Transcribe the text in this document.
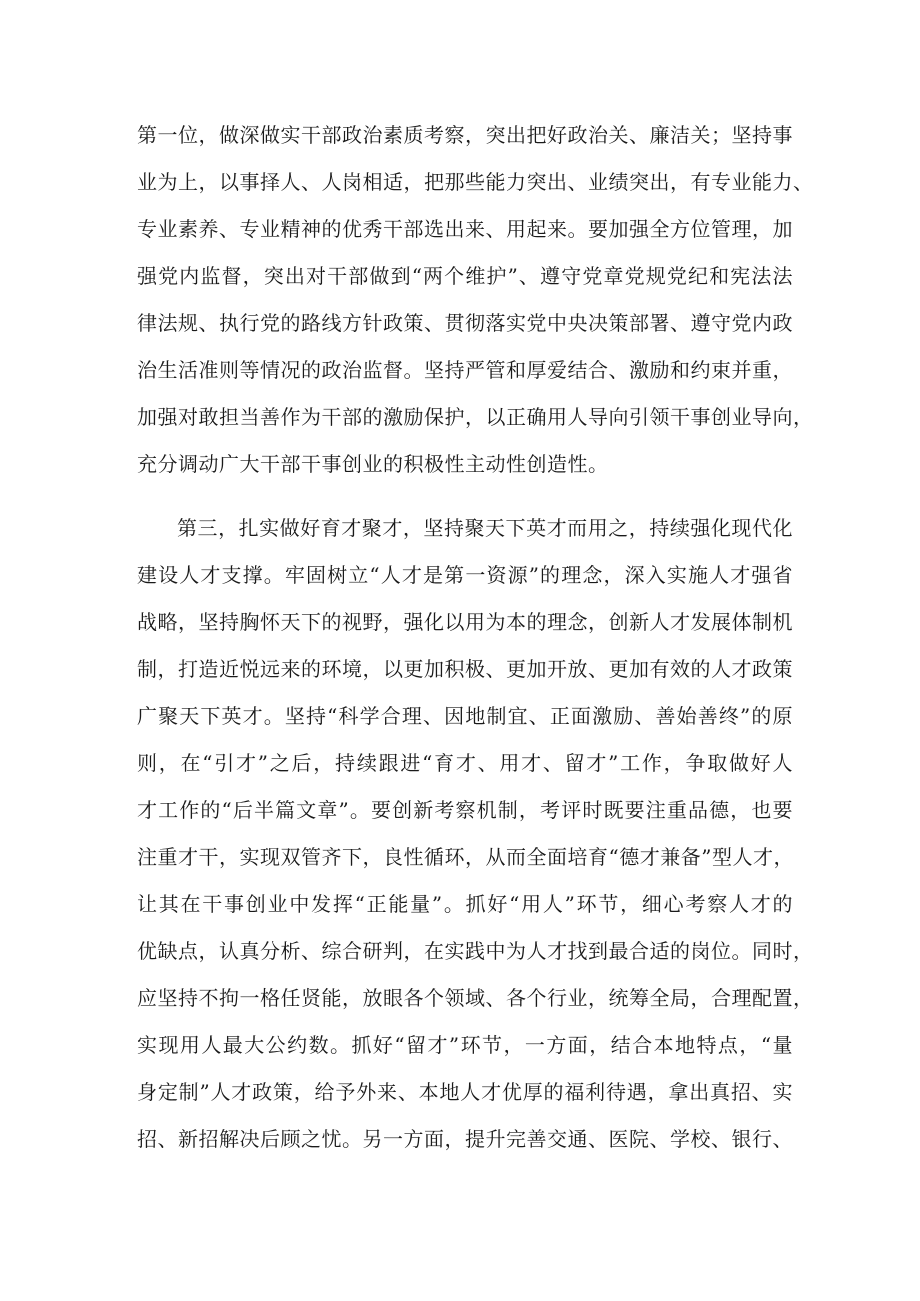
第一位，做深做实干部政治素质考察，突出把好政治关、廉洁关；坚持事
业为上，以事择人、人岗相适，把那些能力突出、业绩突出，有专业能力、
专业素养、专业精神的优秀干部选出来、用起来。要加强全方位管理，加
强党内监督，突出对干部做到“两个维护”、遵守党章党规党纪和宪法法
律法规、执行党的路线方针政策、贯彻落实党中央决策部署、遵守党内政
治生活准则等情况的政治监督。坚持严管和厚爱结合、激励和约束并重，
加强对敢担当善作为干部的激励保护，以正确用人导向引领干事创业导向，
充分调动广大干部干事创业的积极性主动性创造性。
第三，扎实做好育才聚才，坚持聚天下英才而用之，持续强化现代化
建设人才支撑。牢固树立“人才是第一资源”的理念，深入实施人才强省
战略，坚持胸怀天下的视野，强化以用为本的理念，创新人才发展体制机
制，打造近悦远来的环境，以更加积极、更加开放、更加有效的人才政策
广聚天下英才。坚持“科学合理、因地制宜、正面激励、善始善终”的原
则，在“引才”之后，持续跟进“育才、用才、留才”工作，争取做好人
才工作的“后半篇文章”。要创新考察机制，考评时既要注重品德，也要
注重才干，实现双管齐下，良性循环，从而全面培育“德才兼备”型人才，
让其在干事创业中发挥“正能量”。抓好“用人”环节，细心考察人才的
优缺点，认真分析、综合研判，在实践中为人才找到最合适的岗位。同时，
应坚持不拘一格任贤能，放眼各个领域、各个行业，统筹全局，合理配置，
实现用人最大公约数。抓好“留才”环节，一方面，结合本地特点，“量
身定制”人才政策，给予外来、本地人才优厚的福利待遇，拿出真招、实
招、新招解决后顾之忧。另一方面，提升完善交通、医院、学校、银行、
